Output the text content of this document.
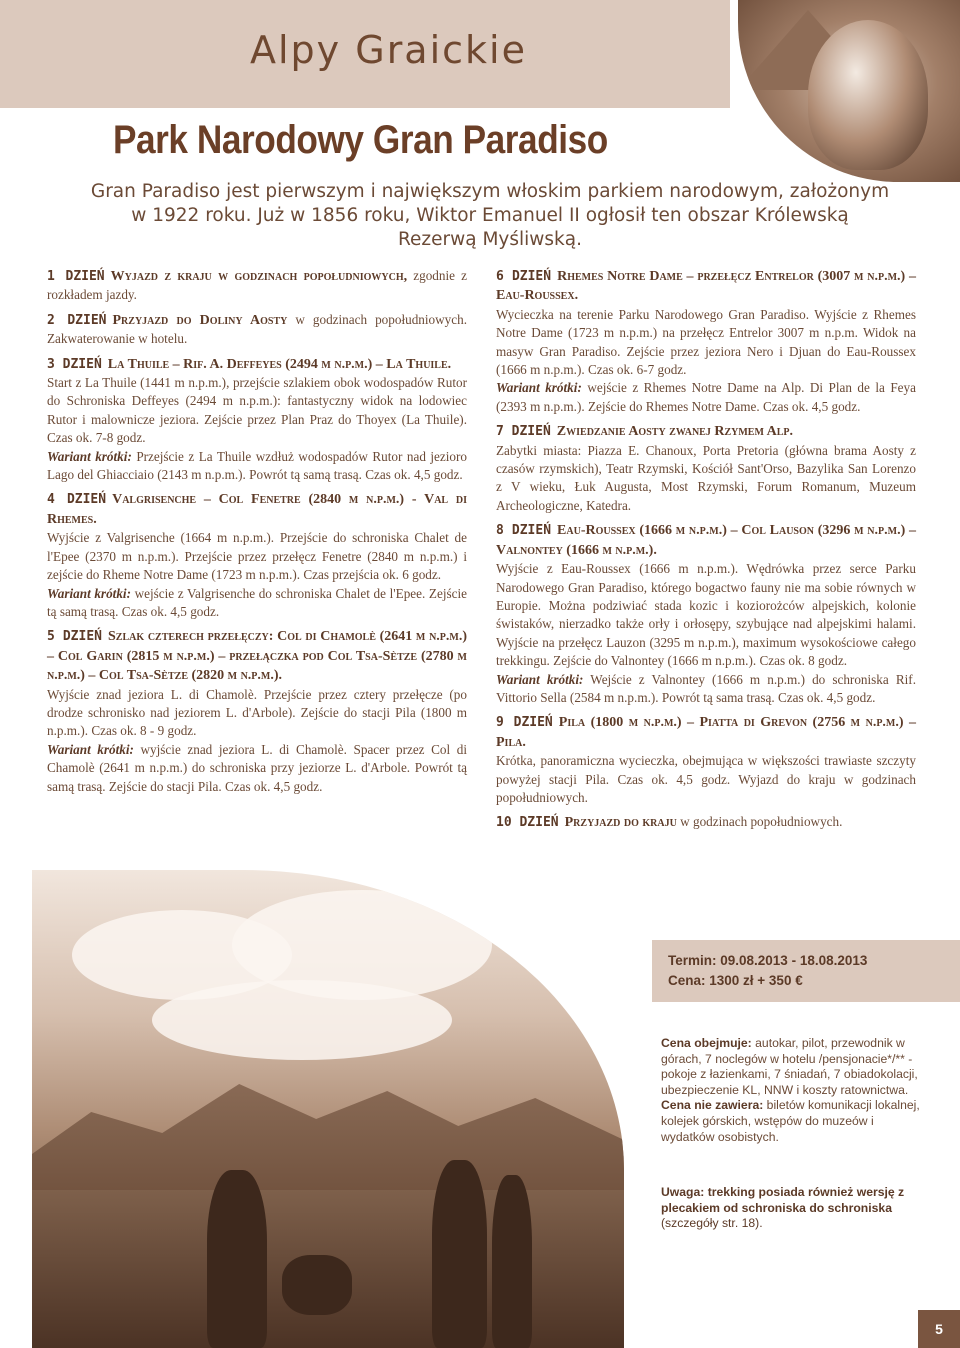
Alpy Graickie
Park Narodowy Gran Paradiso

Gran Paradiso jest pierwszym i największym włoskim parkiem narodowym, założonym w 1922 roku. Już w 1856 roku, Wiktor Emanuel II ogłosił ten obszar Królewską Rezerwą Myśliwską.

1 DZIEŃ Wyjazd z kraju w godzinach popołudniowych, zgodnie z rozkładem jazdy.
2 DZIEŃ Przyjazd do Doliny Aosty w godzinach popołudniowych. Zakwaterowanie w hotelu.
3 DZIEŃ La Thuile – Rif. A. Deffeyes (2494 m n.p.m.) – La Thuile.
Start z La Thuile (1441 m n.p.m.), przejście szlakiem obok wodospadów Rutor do Schroniska Deffeyes (2494 m n.p.m.): fantastyczny widok na lodowiec Rutor i malownicze jeziora. Zejście przez Plan Praz do Thoyex (La Thuile). Czas ok. 7-8 godz.
Wariant krótki: Przejście z La Thuile wzdłuż wodospadów Rutor nad jezioro Lago del Ghiacciaio (2143 m n.p.m.). Powrót tą samą trasą. Czas ok. 4,5 godz.
4 DZIEŃ Valgrisenche – Col Fenetre (2840 m n.p.m.) - Val di Rhemes.
Wyjście z Valgrisenche (1664 m n.p.m.). Przejście do schroniska Chalet de l'Epee (2370 m n.p.m.). Przejście przez przełęcz Fenetre (2840 m n.p.m.) i zejście do Rheme Notre Dame (1723 m n.p.m.). Czas przejścia ok. 6 godz.
Wariant krótki: wejście z Valgrisenche do schroniska Chalet de l'Epee. Zejście tą samą trasą. Czas ok. 4,5 godz.
5 DZIEŃ Szlak czterech przełęczy: Col di Chamolè (2641 m n.p.m.) – Col Garin (2815 m n.p.m.) – przełączka pod Col Tsa-Sètze (2780 m n.p.m.) – Col Tsa-Sètze (2820 m n.p.m.).
Wyjście znad jeziora L. di Chamolè. Przejście przez cztery przełęcze (po drodze schronisko nad jeziorem L. d'Arbole). Zejście do stacji Pila (1800 m n.p.m.). Czas ok. 8 - 9 godz.
Wariant krótki: wyjście znad jeziora L. di Chamolè. Spacer przez Col di Chamolè (2641 m n.p.m.) do schroniska przy jeziorze L. d'Arbole. Powrót tą samą trasą. Zejście do stacji Pila. Czas ok. 4,5 godz.
6 DZIEŃ Rhemes Notre Dame – przełęcz Entrelor (3007 m n.p.m.) – Eau-Roussex.
Wycieczka na terenie Parku Narodowego Gran Paradiso. Wyjście z Rhemes Notre Dame (1723 m n.p.m.) na przełęcz Entrelor 3007 m n.p.m. Widok na masyw Gran Paradiso. Zejście przez jeziora Nero i Djuan do Eau-Roussex (1666 m n.p.m.). Czas ok. 6-7 godz.
Wariant krótki: wejście z Rhemes Notre Dame na Alp. Di Plan de la Feya (2393 m n.p.m.). Zejście do Rhemes Notre Dame. Czas ok. 4,5 godz.
7 DZIEŃ Zwiedzanie Aosty zwanej Rzymem Alp.
Zabytki miasta: Piazza E. Chanoux, Porta Pretoria (główna brama Aosty z czasów rzymskich), Teatr Rzymski, Kościół Sant'Orso, Bazylika San Lorenzo z V wieku, Łuk Augusta, Most Rzymski, Forum Romanum, Muzeum Archeologiczne, Katedra.
8 DZIEŃ Eau-Roussex (1666 m n.p.m.) – Col Lauson (3296 m n.p.m.) – Valnontey (1666 m n.p.m.).
Wyjście z Eau-Roussex (1666 m n.p.m.). Wędrówka przez serce Parku Narodowego Gran Paradiso, którego bogactwo fauny nie ma sobie równych w Europie. Można podziwiać stada kozic i koziorożców alpejskich, kolonie świstaków, nierzadko także orły i orłosępy, szybujące nad alpejskimi halami. Wyjście na przełęcz Lauzon (3295 m n.p.m.), maximum wysokościowe całego trekkingu. Zejście do Valnontey (1666 m n.p.m.). Czas ok. 8 godz.
Wariant krótki: Wejście z Valnontey (1666 m n.p.m.) do schroniska Rif. Vittorio Sella (2584 m n.p.m.). Powrót tą sama trasą. Czas ok. 4,5 godz.
9 DZIEŃ Pila (1800 m n.p.m.) – Piatta di Grevon (2756 m n.p.m.) – Pila.
Krótka, panoramiczna wycieczka, obejmująca w większości trawiaste szczyty powyżej stacji Pila. Czas ok. 4,5 godz. Wyjazd do kraju w godzinach popołudniowych.
10 DZIEŃ Przyjazd do kraju w godzinach popołudniowych.
Termin: 09.08.2013 - 18.08.2013
Cena: 1300 zł + 350 €
Cena obejmuje: autokar, pilot, przewodnik w górach, 7 noclegów w hotelu /pensjonacie*/** - pokoje z łazienkami, 7 śniadań, 7 obiadokolacji, ubezpieczenie KL, NNW i koszty ratownictwa.
Cena nie zawiera: biletów komunikacji lokalnej, kolejek górskich, wstępów do muzeów i wydatków osobistych.
Uwaga: trekking posiada również wersję z plecakiem od schroniska do schroniska (szczegóły str. 18).
5
